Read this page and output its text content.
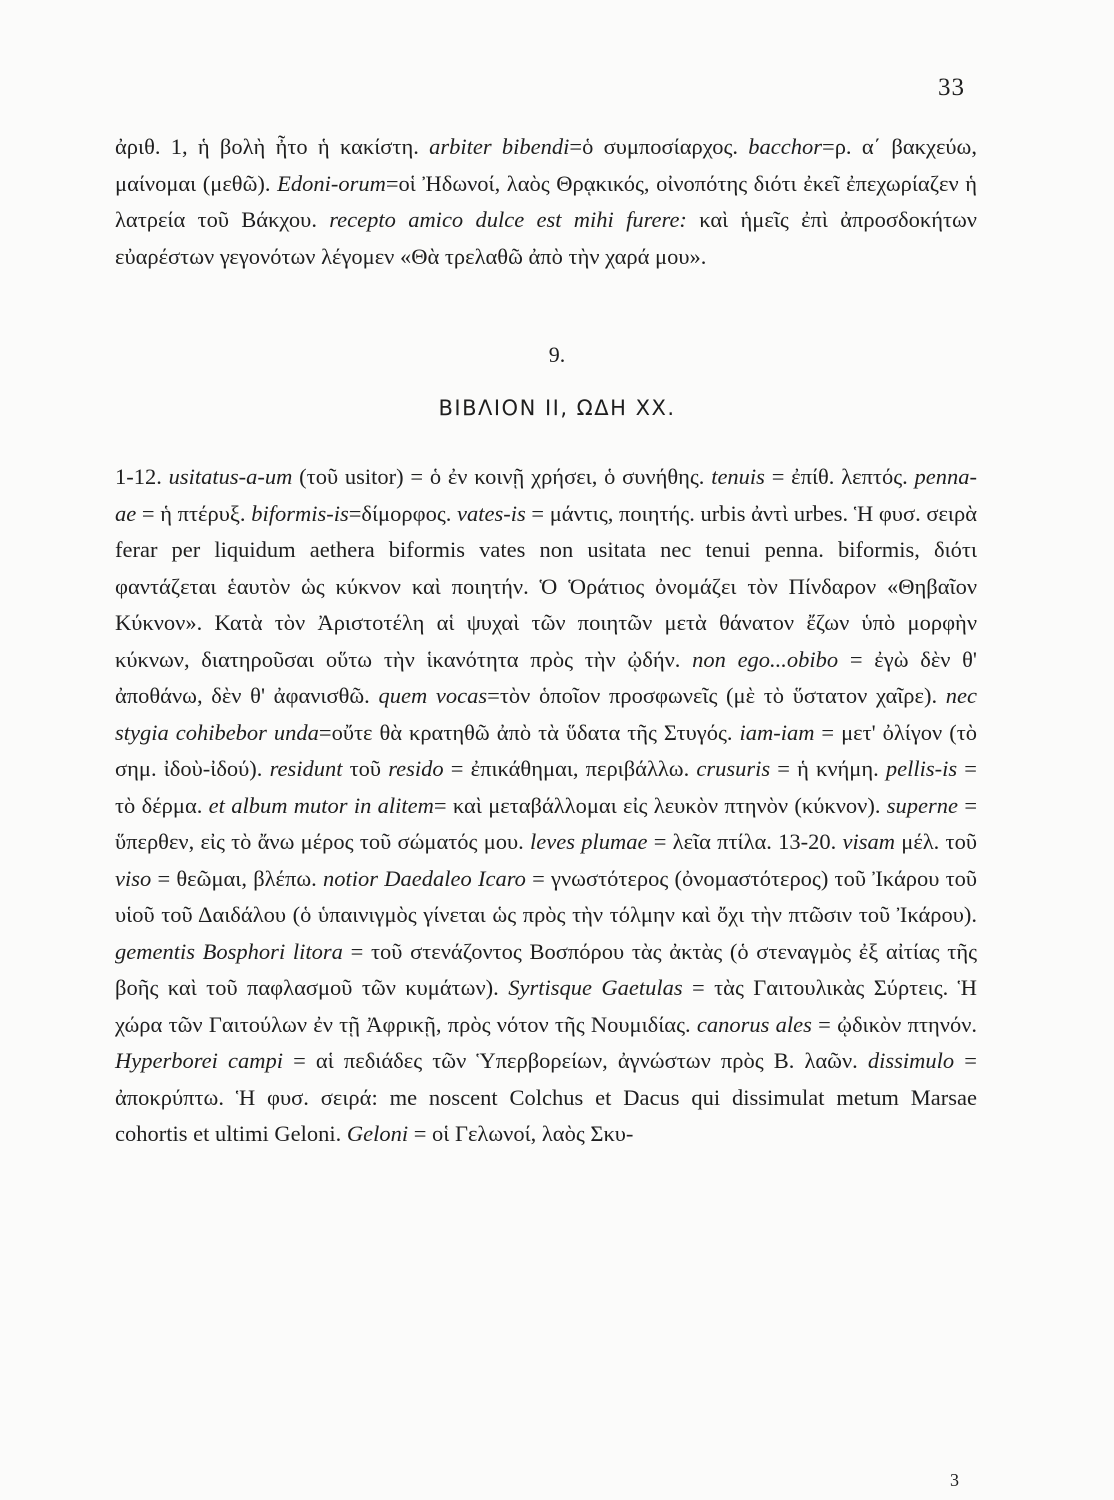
33

ἀριθ. 1, ἡ βολὴ ἦτο ἡ κακίστη. arbiter bibendi=ὁ συμποσίαρχος. bacchor=ρ. α΄ βακχεύω, μαίνομαι (μεθῶ). Edoni-orum=οἱ Ἠδωνοί, λαὸς Θρᾳκικός, οἰνοπότης διότι ἐκεῖ ἐπεχωρίαζεν ἡ λατρεία τοῦ Βάκχου. recepto amico dulce est mihi furere: καὶ ἡμεῖς ἐπὶ ἀπροσδοκήτων εὐαρέστων γεγονότων λέγομεν «Θὰ τρελαθῶ ἀπὸ τὴν χαρά μου».

9.
ΒΙΒΛΙΟΝ ΙΙ, ΩΔΗ XX.

1-12. usitatus-a-um (τοῦ usitor) = ὁ ἐν κοινῇ χρήσει, ὁ συνήθης. tenuis = ἐπίθ. λεπτός. penna-ae = ἡ πτέρυξ. biformis-is=δίμορφος. vates-is = μάντις, ποιητής. urbis ἀντὶ urbes. Ἡ φυσ. σειρὰ ferar per liquidum aethera biformis vates non usitata nec tenui penna. biformis, διότι φαντάζεται ἑαυτὸν ὡς κύκνον καὶ ποιητήν. Ὁ Ὁράτιος ὀνομάζει τὸν Πίνδαρον «Θηβαῖον Κύκνον». Κατὰ τὸν Ἀριστοτέλη αἱ ψυχαὶ τῶν ποιητῶν μετὰ θάνατον ἔζων ὑπὸ μορφὴν κύκνων, διατηροῦσαι οὕτω τὴν ἱκανότητα πρὸς τὴν ᾠδήν. non ego...obibo = ἐγὼ δὲν θ' ἀποθάνω, δὲν θ' ἀφανισθῶ. quem vocas=τὸν ὁποῖον προσφωνεῖς (μὲ τὸ ὕστατον χαῖρε). nec stygia cohibebor unda=οὔτε θὰ κρατηθῶ ἀπὸ τὰ ὕδατα τῆς Στυγός. iam-iam = μετ' ὀλίγον (τὸ σημ. ἰδοὺ-ἰδού). residunt τοῦ resido = ἐπικάθημαι, περιβάλλω. crusuris = ἡ κνήμη. pellis-is = τὸ δέρμα. et album mutor in alitem= καὶ μεταβάλλομαι εἰς λευκὸν πτηνὸν (κύκνον). superne = ὕπερθεν, εἰς τὸ ἄνω μέρος τοῦ σώματός μου. leves plumae = λεῖα πτίλα. 13-20. visam μέλ. τοῦ viso = θεῶμαι, βλέπω. notior Daedaleo Icaro = γνωστότερος (ὀνομαστότερος) τοῦ Ἰκάρου τοῦ υἱοῦ τοῦ Δαιδάλου (ὁ ὑπαινιγμὸς γίνεται ὡς πρὸς τὴν τόλμην καὶ ὄχι τὴν πτῶσιν τοῦ Ἰκάρου). gementis Bosphori litora = τοῦ στενάζοντος Βοσπόρου τὰς ἀκτὰς (ὁ στεναγμὸς ἐξ αἰτίας τῆς βοῆς καὶ τοῦ παφλασμοῦ τῶν κυμάτων). Syrtisque Gaetulas = τὰς Γαιτουλικὰς Σύρτεις. Ἡ χώρα τῶν Γαιτούλων ἐν τῇ Ἀφρικῇ, πρὸς νότον τῆς Νουμιδίας. canorus ales = ᾠδικὸν πτηνόν. Hyperborei campi = αἱ πεδιάδες τῶν Ὑπερβορείων, ἀγνώστων πρὸς Β. λαῶν. dissimulo = ἀποκρύπτω. Ἡ φυσ. σειρά: me noscent Colchus et Dacus qui dissimulat metum Marsae cohortis et ultimi Geloni. Geloni = οἱ Γελωνοί, λαὸς Σκυ-

3
